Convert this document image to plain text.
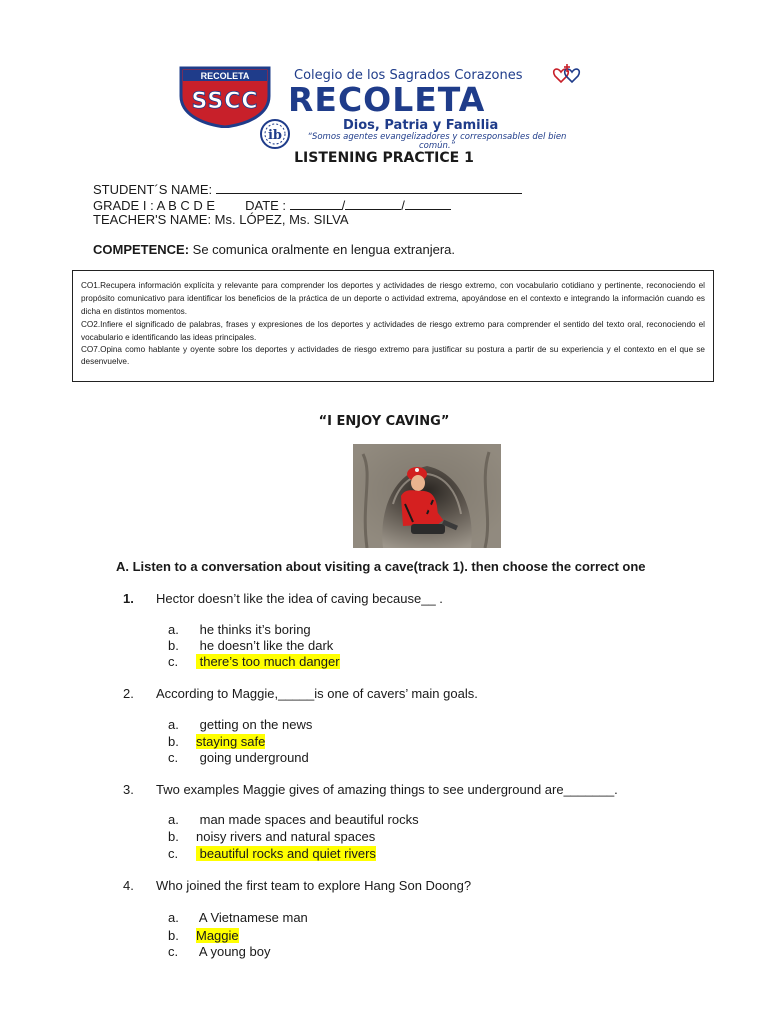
RECOLETA
SSCC
Colegio de los Sagrados Corazones
RECOLETA
Dios, Patria y Familia
ib	“Somos agentes evangelizadores y corresponsables del bien común.”
LISTENING PRACTICE 1
STUDENT´S NAME:
GRADE I : A B C D E DATE :	/	/
TEACHER'S NAME: Ms. LÓPEZ, Ms. SILVA
COMPETENCE: Se comunica oralmente en lengua extranjera.

CO1.Recupera información explícita y relevante para comprender los deportes y actividades de riesgo extremo, con vocabulario cotidiano y pertinente, reconociendo el propósito comunicativo para identificar los beneficios de la práctica de un deporte o actividad extrema, apoyándose en el contexto e integrando la información cuando es dicha en distintos momentos.

CO2.Infiere el significado de palabras, frases y expresiones de los deportes y actividades de riesgo extremo para comprender el sentido del texto oral, reconociendo el vocabulario e identificando las ideas principales.

CO7.Opina como hablante y oyente sobre los deportes y actividades de riesgo extremo para justificar su postura a partir de su experiencia y el contexto en el que se desenvuelve.

“I ENJOY CAVING”
A. Listen to a conversation about visiting a cave(track 1). then choose the correct one
1. Hector doesn’t like the idea of caving because__ .
a. he thinks it’s boring
b. he doesn’t like the dark
c. there’s too much danger
2. According to Maggie,_____is one of cavers’ main goals.
a. getting on the news
b. staying safe
c. going underground
3. Two examples Maggie gives of amazing things to see underground are_______.
a. man made spaces and beautiful rocks
b. noisy rivers and natural spaces
c. beautiful rocks and quiet rivers
4. Who joined the first team to explore Hang Son Doong?
a. A Vietnamese man
b. Maggie
c. A young boy
